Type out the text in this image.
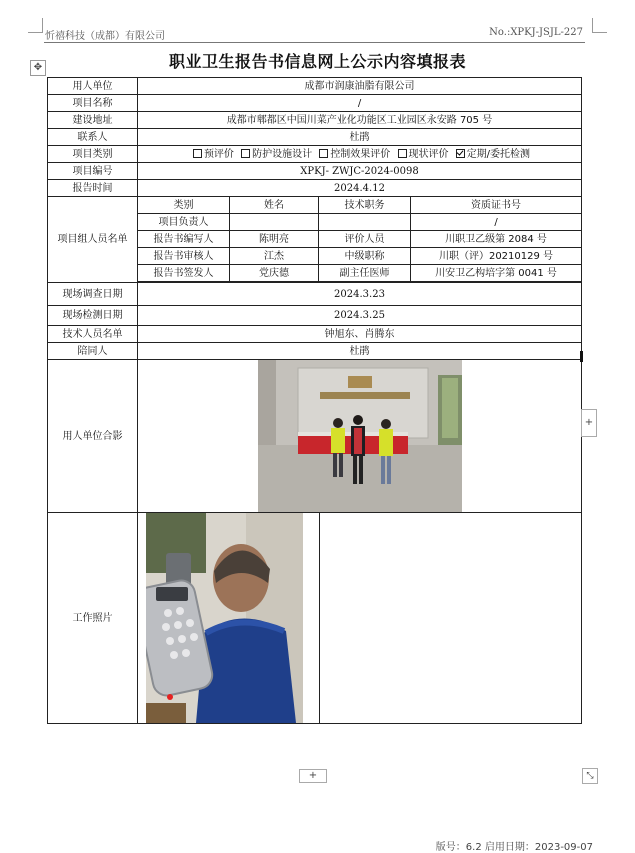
忻禧科技（成都）有限公司	No.:XPKJ-JSJL-227
职业卫生报告书信息网上公示内容填报表
✥
用人单位	成都市润康油脂有限公司
项目名称	/
建设地址	成都市郫都区中国川菜产业化功能区工业园区永安路 705 号
联系人	杜鹃
项目类别	预评价 防护设施设计 控制效果评价 现状评价 定期/委托检测
项目编号	XPKJ- ZWJC-2024-0098
报告时间	2024.4.12
项目组人员名单	
类别	姓名	技术职务	资质证书号
项目负责人			/
报告书编写人	陈明亮	评价人员	川职卫乙级第 2084 号
报告书审核人	江杰	中级职称	川职（评）20210129 号
报告书签发人	党庆德	副主任医师	川安卫乙构培字第 0041 号

现场调查日期	2024.3.23
现场检测日期	2024.3.25
技术人员名单	钟旭东、肖腾东
陪同人	杜鹃
用人单位合影	

工作照片	

+
+	⤡
版号：6.2 启用日期：2023-09-07
